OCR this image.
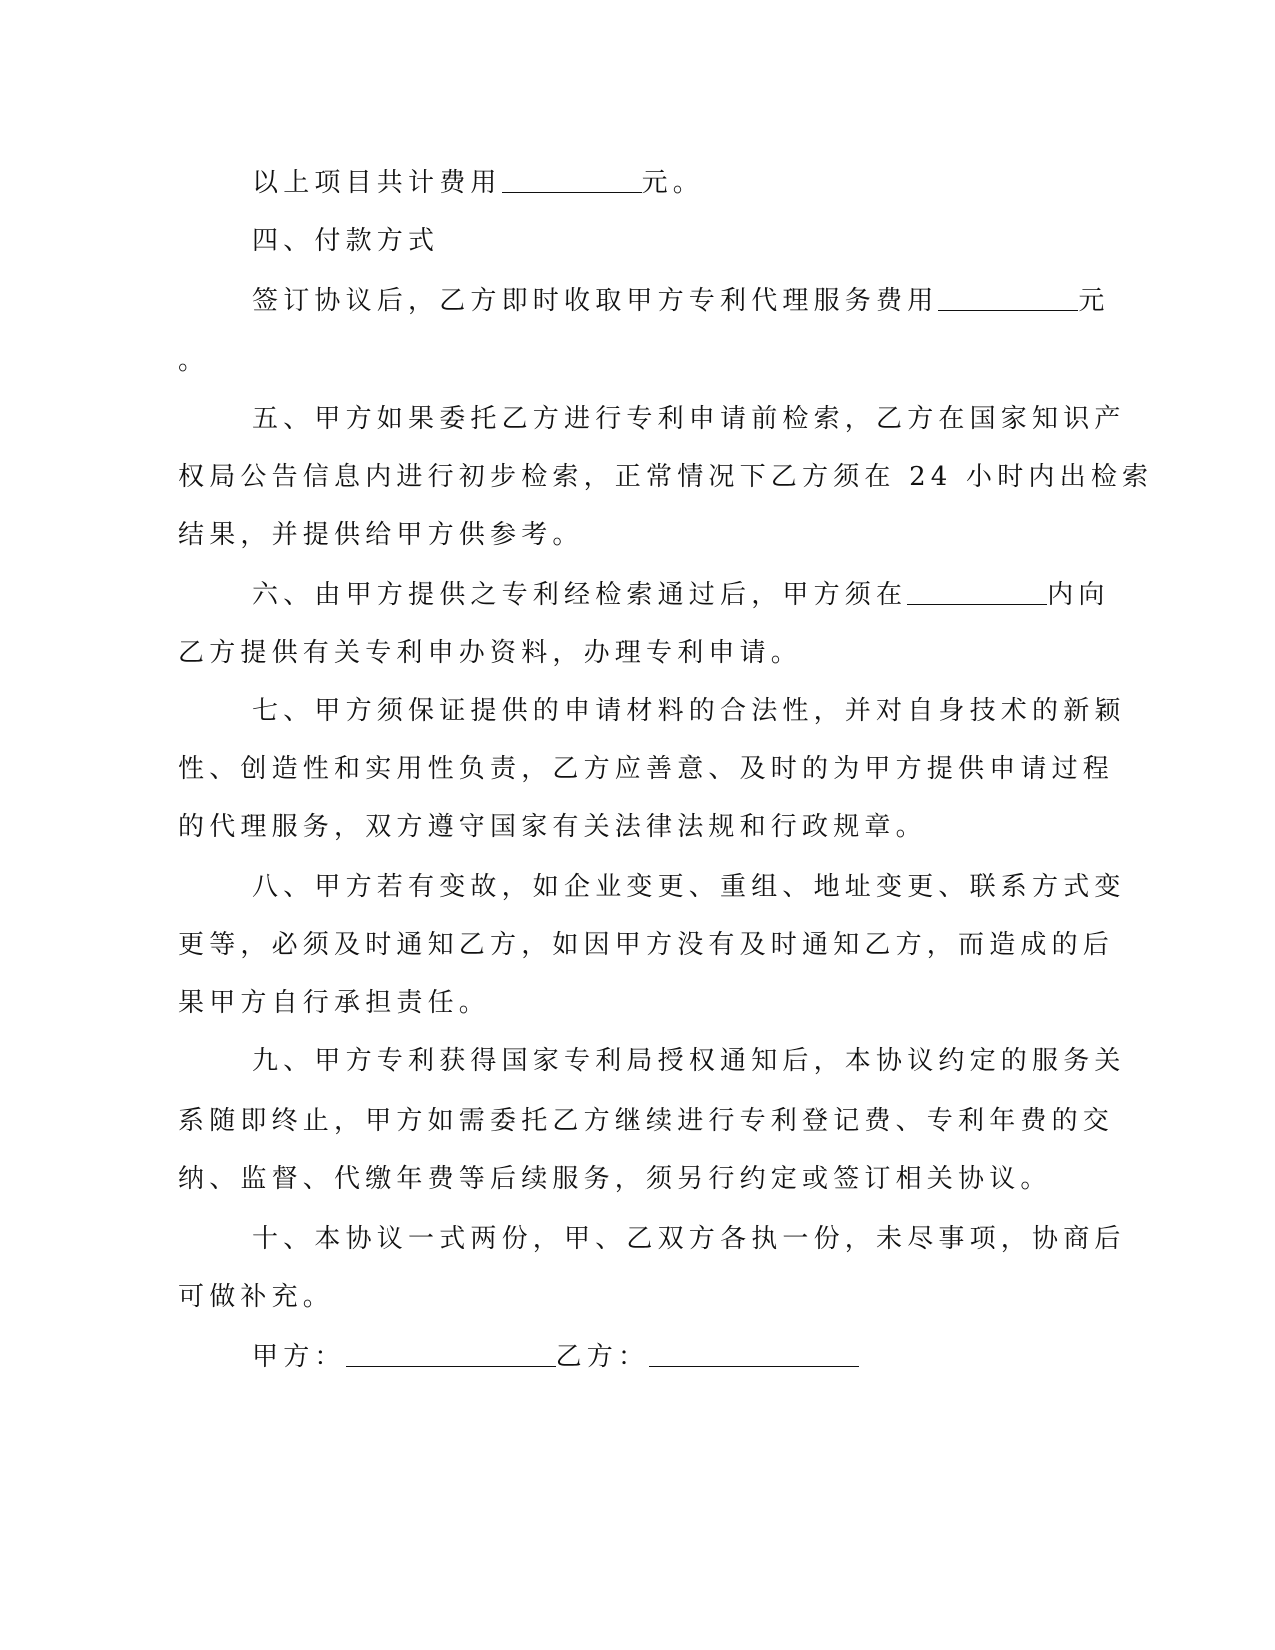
以上项目共计费用	元。
四、付款方式
签订协议后，乙方即时收取甲方专利代理服务费用	元
。
五、甲方如果委托乙方进行专利申请前检索，乙方在国家知识产
权局公告信息内进行初步检索，正常情况下乙方须在 24 小时内出检索
结果，并提供给甲方供参考。
六、由甲方提供之专利经检索通过后，甲方须在	内向
乙方提供有关专利申办资料，办理专利申请。
七、甲方须保证提供的申请材料的合法性，并对自身技术的新颖
性、创造性和实用性负责，乙方应善意、及时的为甲方提供申请过程
的代理服务，双方遵守国家有关法律法规和行政规章。
八、甲方若有变故，如企业变更、重组、地址变更、联系方式变
更等，必须及时通知乙方，如因甲方没有及时通知乙方，而造成的后
果甲方自行承担责任。
九、甲方专利获得国家专利局授权通知后，本协议约定的服务关
系随即终止，甲方如需委托乙方继续进行专利登记费、专利年费的交
纳、监督、代缴年费等后续服务，须另行约定或签订相关协议。
十、本协议一式两份，甲、乙双方各执一份，未尽事项，协商后
可做补充。
甲方：	乙方：
